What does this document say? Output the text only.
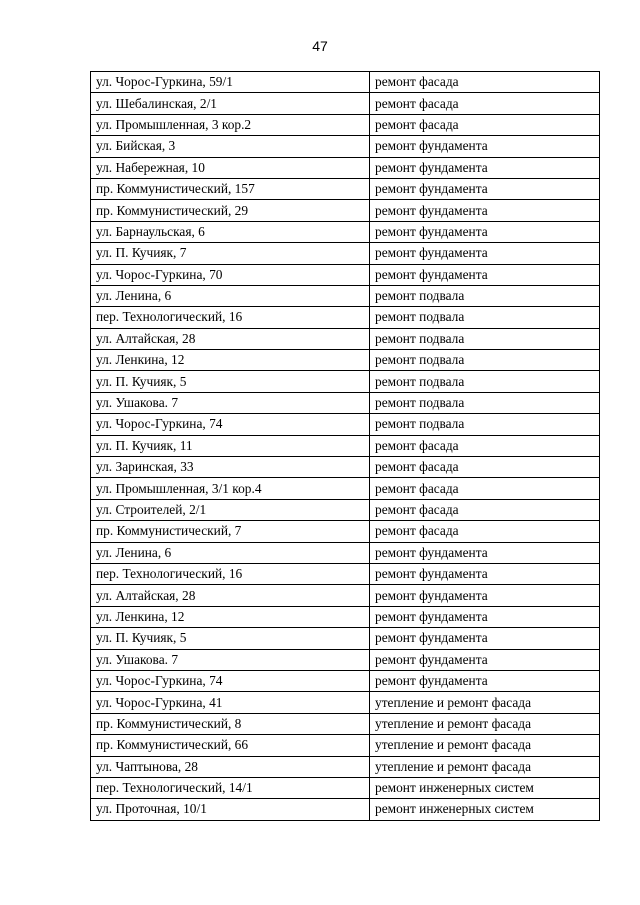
47
ул. Чорос-Гуркина, 59/1	ремонт фасада
ул. Шебалинская, 2/1	ремонт фасада
ул. Промышленная, 3 кор.2	ремонт фасада
ул. Бийская, 3	ремонт фундамента
ул. Набережная, 10	ремонт фундамента
пр. Коммунистический, 157	ремонт фундамента
пр. Коммунистический, 29	ремонт фундамента
ул. Барнаульская, 6	ремонт фундамента
ул. П. Кучияк, 7	ремонт фундамента
ул. Чорос-Гуркина, 70	ремонт фундамента
ул. Ленина, 6	ремонт подвала
пер. Технологический, 16	ремонт подвала
ул. Алтайская, 28	ремонт подвала
ул. Ленкина, 12	ремонт подвала
ул. П. Кучияк, 5	ремонт подвала
ул. Ушакова. 7	ремонт подвала
ул. Чорос-Гуркина, 74	ремонт подвала
ул. П. Кучияк, 11	ремонт фасада
ул. Заринская, 33	ремонт фасада
ул. Промышленная, 3/1 кор.4	ремонт фасада
ул. Строителей, 2/1	ремонт фасада
пр. Коммунистический, 7	ремонт фасада
ул. Ленина, 6	ремонт фундамента
пер. Технологический, 16	ремонт фундамента
ул. Алтайская, 28	ремонт фундамента
ул. Ленкина, 12	ремонт фундамента
ул. П. Кучияк, 5	ремонт фундамента
ул. Ушакова. 7	ремонт фундамента
ул. Чорос-Гуркина, 74	ремонт фундамента
ул. Чорос-Гуркина, 41	утепление и ремонт фасада
пр. Коммунистический, 8	утепление и ремонт фасада
пр. Коммунистический, 66	утепление и ремонт фасада
ул. Чаптынова, 28	утепление и ремонт фасада
пер. Технологический, 14/1	ремонт инженерных систем
ул. Проточная, 10/1	ремонт инженерных систем
